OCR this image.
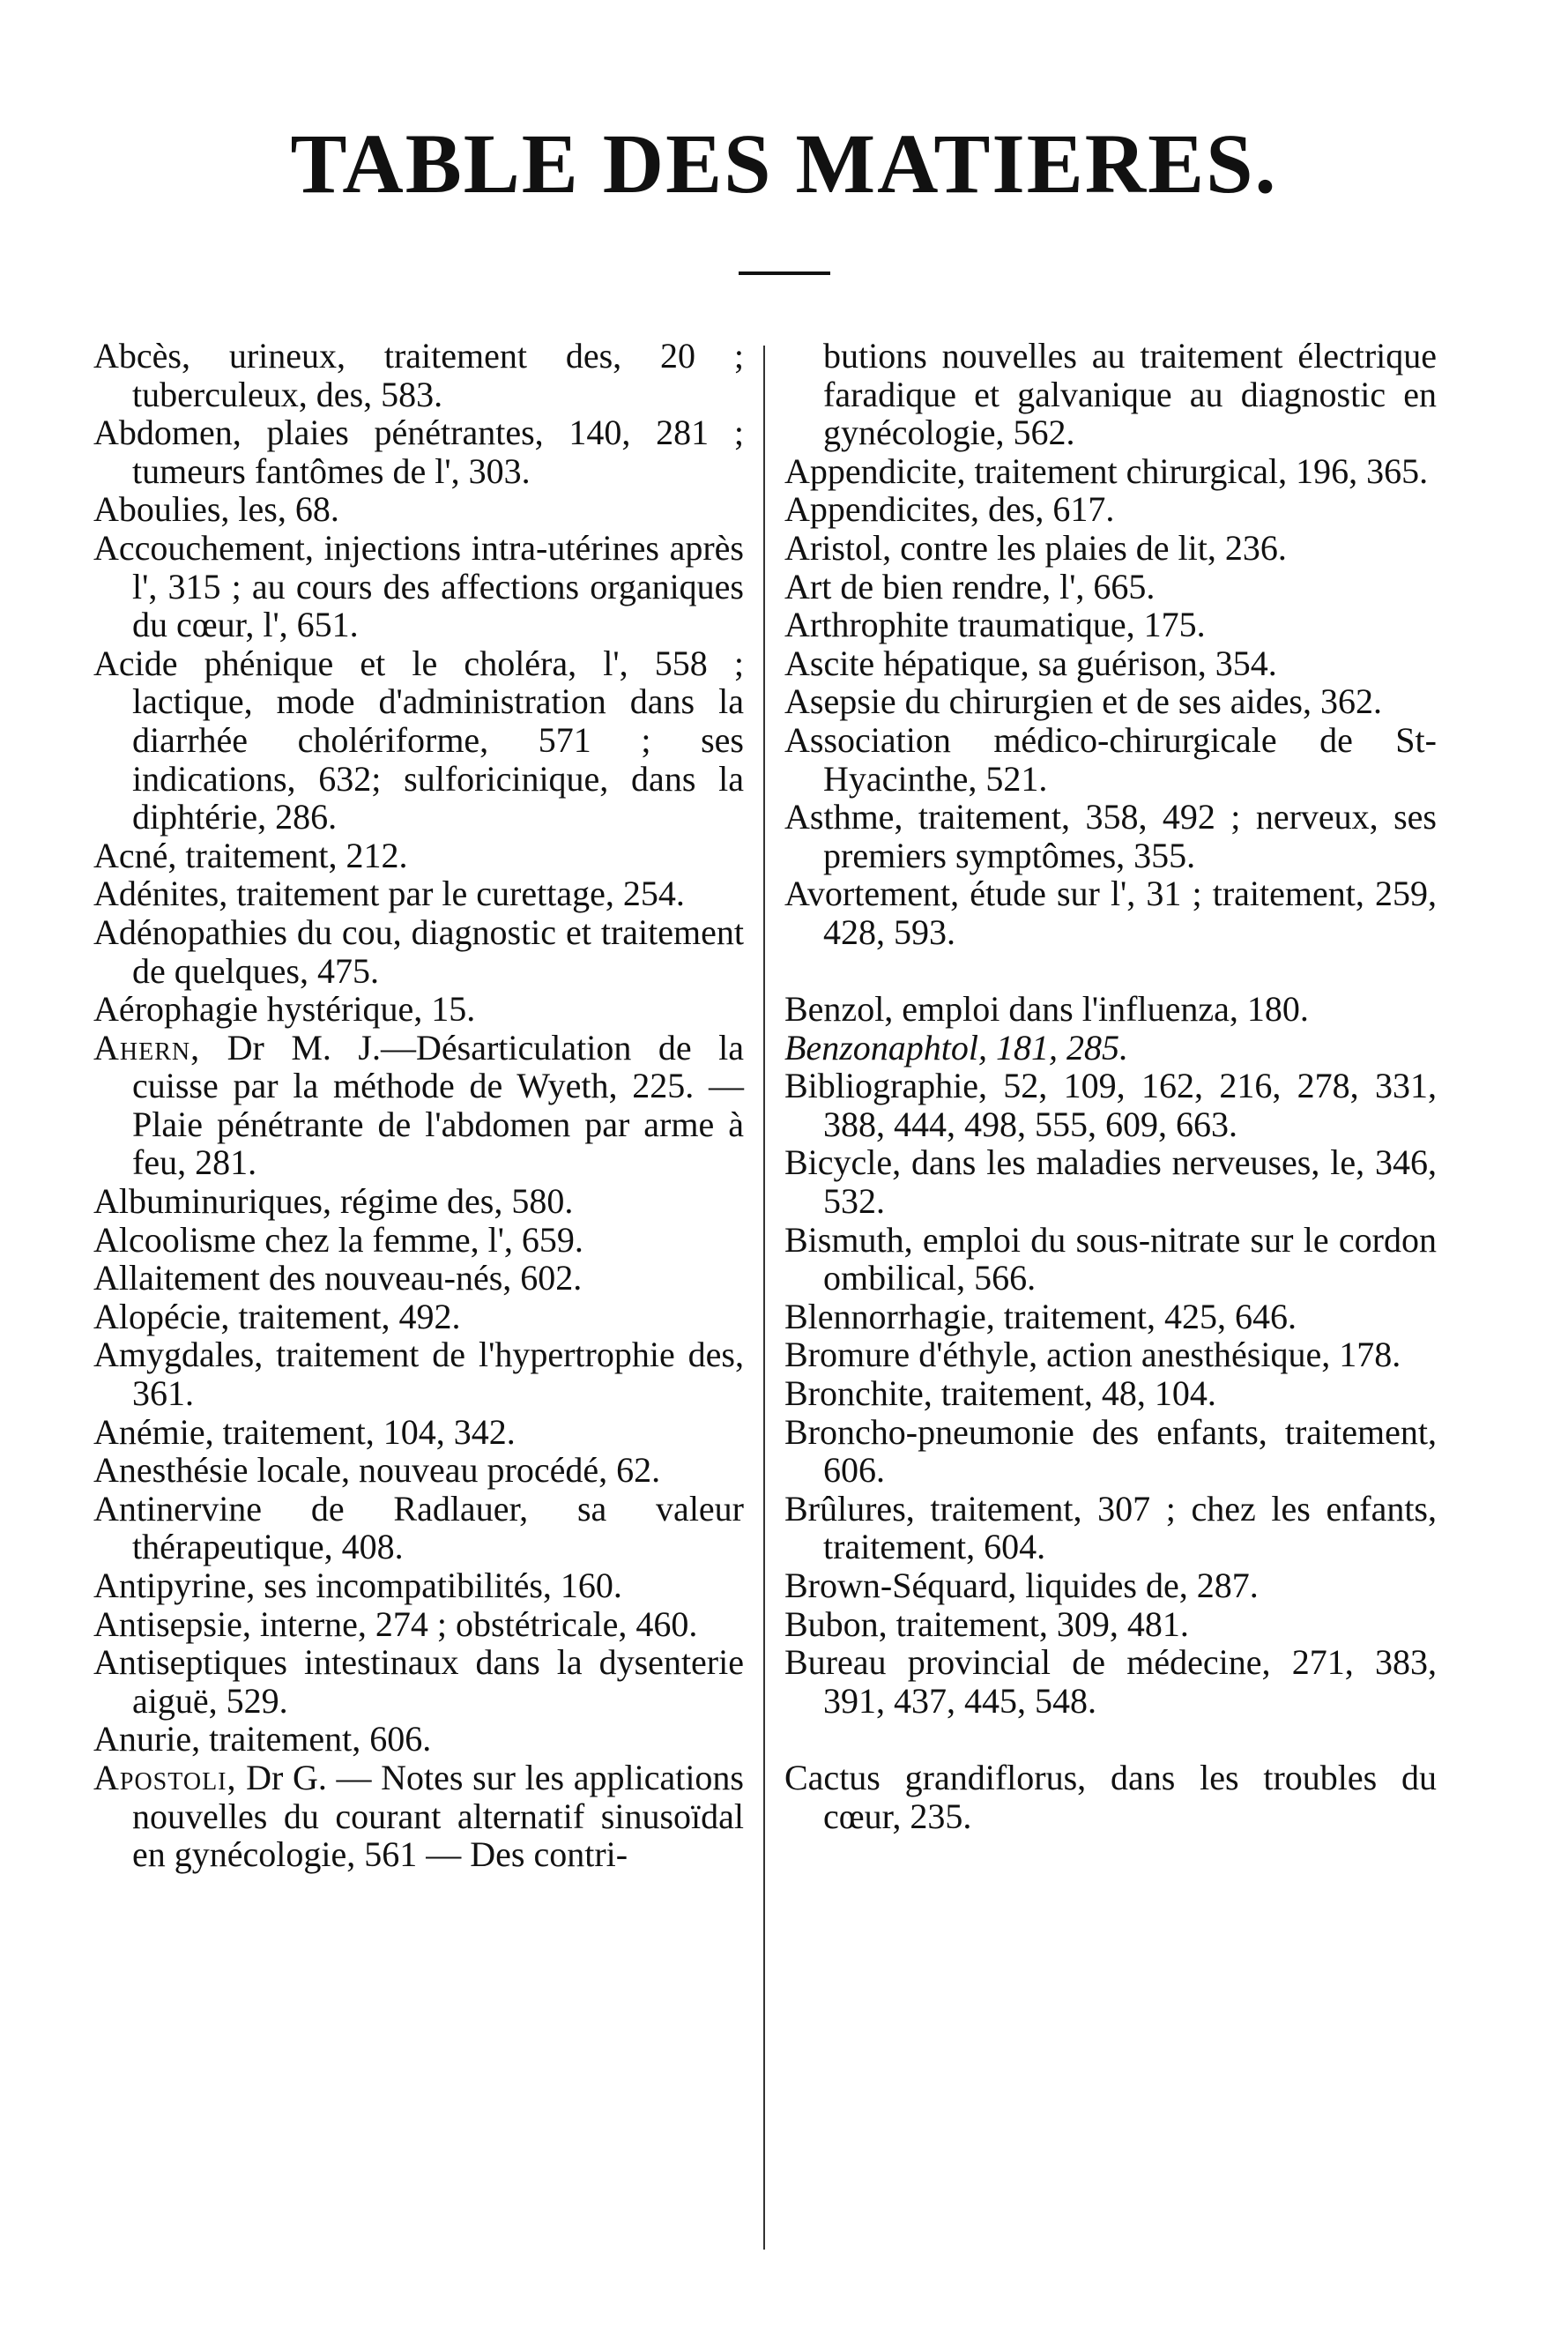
TABLE DES MATIERES.

Abcès, urineux, traitement des, 20 ; tuberculeux, des, 583.

Abdomen, plaies pénétrantes, 140, 281 ; tumeurs fantômes de l', 303.

Aboulies, les, 68.

Accouchement, injections intra-utérines après l', 315 ; au cours des affections organiques du cœur, l', 651.

Acide phénique et le choléra, l', 558 ; lactique, mode d'administration dans la diarrhée cholériforme, 571 ; ses indications, 632; sulforicinique, dans la diphtérie, 286.

Acné, traitement, 212.

Adénites, traitement par le curettage, 254.

Adénopathies du cou, diagnostic et traitement de quelques, 475.

Aérophagie hystérique, 15.

Ahern, Dr M. J.—Désarticulation de la cuisse par la méthode de Wyeth, 225. — Plaie pénétrante de l'abdomen par arme à feu, 281.

Albuminuriques, régime des, 580.

Alcoolisme chez la femme, l', 659.

Allaitement des nouveau-nés, 602.

Alopécie, traitement, 492.

Amygdales, traitement de l'hypertrophie des, 361.

Anémie, traitement, 104, 342.

Anesthésie locale, nouveau procédé, 62.

Antinervine de Radlauer, sa valeur thérapeutique, 408.

Antipyrine, ses incompatibilités, 160.

Antisepsie, interne, 274 ; obstétricale, 460.

Antiseptiques intestinaux dans la dysenterie aiguë, 529.

Anurie, traitement, 606.

Apostoli, Dr G. — Notes sur les applications nouvelles du courant alternatif sinusoïdal en gynécologie, 561 — Des contri-

butions nouvelles au traitement électrique faradique et galvanique au diagnostic en gynécologie, 562.

Appendicite, traitement chirurgical, 196, 365.

Appendicites, des, 617.

Aristol, contre les plaies de lit, 236.

Art de bien rendre, l', 665.

Arthrophite traumatique, 175.

Ascite hépatique, sa guérison, 354.

Asepsie du chirurgien et de ses aides, 362.

Association médico-chirurgicale de St-Hyacinthe, 521.

Asthme, traitement, 358, 492 ; nerveux, ses premiers symptômes, 355.

Avortement, étude sur l', 31 ; traitement, 259, 428, 593.

Benzol, emploi dans l'influenza, 180.

Benzonaphtol, 181, 285.

Bibliographie, 52, 109, 162, 216, 278, 331, 388, 444, 498, 555, 609, 663.

Bicycle, dans les maladies nerveuses, le, 346, 532.

Bismuth, emploi du sous-nitrate sur le cordon ombilical, 566.

Blennorrhagie, traitement, 425, 646.

Bromure d'éthyle, action anesthésique, 178.

Bronchite, traitement, 48, 104.

Broncho-pneumonie des enfants, traitement, 606.

Brûlures, traitement, 307 ; chez les enfants, traitement, 604.

Brown-Séquard, liquides de, 287.

Bubon, traitement, 309, 481.

Bureau provincial de médecine, 271, 383, 391, 437, 445, 548.

Cactus grandiflorus, dans les troubles du cœur, 235.
